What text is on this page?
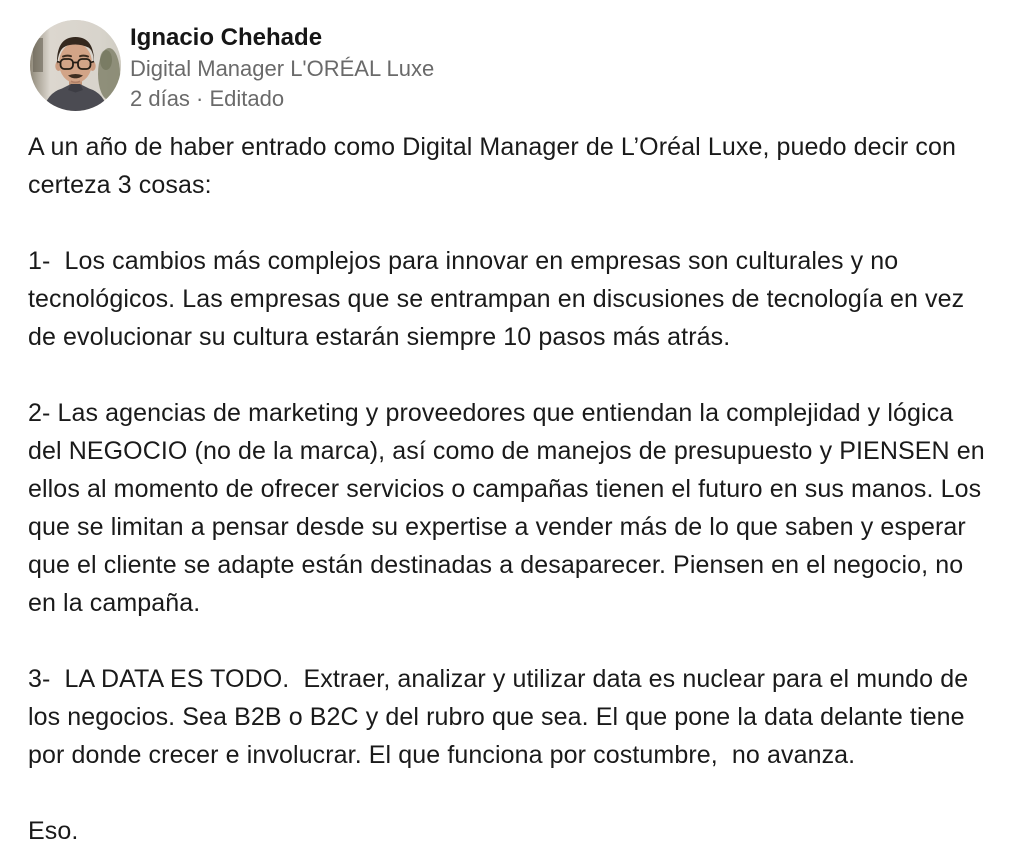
Ignacio Chehade
Digital Manager L'ORÉAL Luxe
2 días · Editado

A un año de haber entrado como Digital Manager de L’Oréal Luxe, puedo decir con certeza 3 cosas:

1-  Los cambios más complejos para innovar en empresas son culturales y no tecnológicos. Las empresas que se entrampan en discusiones de tecnología en vez de evolucionar su cultura estarán siempre 10 pasos más atrás.

2- Las agencias de marketing y proveedores que entiendan la complejidad y lógica del NEGOCIO (no de la marca), así como de manejos de presupuesto y PIENSEN en ellos al momento de ofrecer servicios o campañas tienen el futuro en sus manos. Los que se limitan a pensar desde su expertise a vender más de lo que saben y esperar que el cliente se adapte están destinadas a desaparecer. Piensen en el negocio, no en la campaña.

3-  LA DATA ES TODO.  Extraer, analizar y utilizar data es nuclear para el mundo de los negocios. Sea B2B o B2C y del rubro que sea. El que pone la data delante tiene por donde crecer e involucrar. El que funciona por costumbre,  no avanza.

Eso.
